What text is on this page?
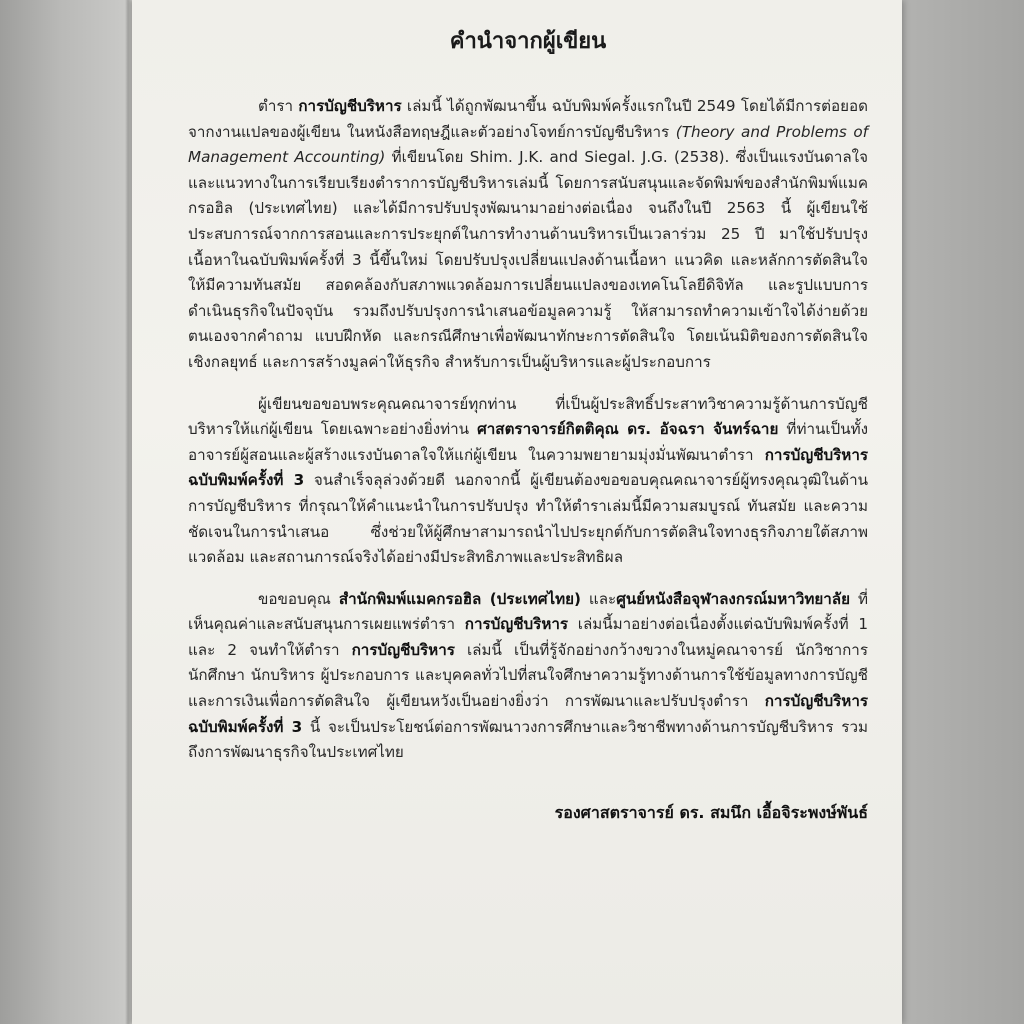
คำนำจากผู้เขียน

ตำรา การบัญชีบริหาร เล่มนี้ ได้ถูกพัฒนาขึ้น ฉบับพิมพ์ครั้งแรกในปี 2549 โดยได้มีการต่อยอดจากงานแปลของผู้เขียน ในหนังสือทฤษฎีและตัวอย่างโจทย์การบัญชีบริหาร (Theory and Problems of Management Accounting) ที่เขียนโดย Shim. J.K. and Siegal. J.G. (2538). ซึ่งเป็นแรงบันดาลใจและแนวทางในการเรียบเรียงตำราการบัญชีบริหารเล่มนี้ โดยการสนับสนุนและจัดพิมพ์ของสำนักพิมพ์แมคกรอฮิล (ประเทศไทย) และได้มีการปรับปรุงพัฒนามาอย่างต่อเนื่อง จนถึงในปี 2563 นี้ ผู้เขียนใช้ประสบการณ์จากการสอนและการประยุกต์ในการทำงานด้านบริหารเป็นเวลาร่วม 25 ปี มาใช้ปรับปรุงเนื้อหาในฉบับพิมพ์ครั้งที่ 3 นี้ขึ้นใหม่ โดยปรับปรุงเปลี่ยนแปลงด้านเนื้อหา แนวคิด และหลักการตัดสินใจให้มีความทันสมัย สอดคล้องกับสภาพแวดล้อมการเปลี่ยนแปลงของเทคโนโลยีดิจิทัล และรูปแบบการดำเนินธุรกิจในปัจจุบัน รวมถึงปรับปรุงการนำเสนอข้อมูลความรู้ ให้สามารถทำความเข้าใจได้ง่ายด้วยตนเองจากคำถาม แบบฝึกหัด และกรณีศึกษาเพื่อพัฒนาทักษะการตัดสินใจ โดยเน้นมิติของการตัดสินใจเชิงกลยุทธ์ และการสร้างมูลค่าให้ธุรกิจ สำหรับการเป็นผู้บริหารและผู้ประกอบการ

ผู้เขียนขอขอบพระคุณคณาจารย์ทุกท่าน ที่เป็นผู้ประสิทธิ์ประสาทวิชาความรู้ด้านการบัญชีบริหารให้แก่ผู้เขียน โดยเฉพาะอย่างยิ่งท่าน ศาสตราจารย์กิตติคุณ ดร. อัจฉรา จันทร์ฉาย ที่ท่านเป็นทั้งอาจารย์ผู้สอนและผู้สร้างแรงบันดาลใจให้แก่ผู้เขียน ในความพยายามมุ่งมั่นพัฒนาตำรา การบัญชีบริหาร ฉบับพิมพ์ครั้งที่ 3 จนสำเร็จลุล่วงด้วยดี นอกจากนี้ ผู้เขียนต้องขอขอบคุณคณาจารย์ผู้ทรงคุณวุฒิในด้านการบัญชีบริหาร ที่กรุณาให้คำแนะนำในการปรับปรุง ทำให้ตำราเล่มนี้มีความสมบูรณ์ ทันสมัย และความชัดเจนในการนำเสนอ ซึ่งช่วยให้ผู้ศึกษาสามารถนำไปประยุกต์กับการตัดสินใจทางธุรกิจภายใต้สภาพแวดล้อม และสถานการณ์จริงได้อย่างมีประสิทธิภาพและประสิทธิผล

ขอขอบคุณ สำนักพิมพ์แมคกรอฮิล (ประเทศไทย) และศูนย์หนังสือจุฬาลงกรณ์มหาวิทยาลัย ที่เห็นคุณค่าและสนับสนุนการเผยแพร่ตำรา การบัญชีบริหาร เล่มนี้มาอย่างต่อเนื่องตั้งแต่ฉบับพิมพ์ครั้งที่ 1 และ 2 จนทำให้ตำรา การบัญชีบริหาร เล่มนี้ เป็นที่รู้จักอย่างกว้างขวางในหมู่คณาจารย์ นักวิชาการ นักศึกษา นักบริหาร ผู้ประกอบการ และบุคคลทั่วไปที่สนใจศึกษาความรู้ทางด้านการใช้ข้อมูลทางการบัญชีและการเงินเพื่อการตัดสินใจ ผู้เขียนหวังเป็นอย่างยิ่งว่า การพัฒนาและปรับปรุงตำรา การบัญชีบริหาร ฉบับพิมพ์ครั้งที่ 3 นี้ จะเป็นประโยชน์ต่อการพัฒนาวงการศึกษาและวิชาชีพทางด้านการบัญชีบริหาร รวมถึงการพัฒนาธุรกิจในประเทศไทย

รองศาสตราจารย์ ดร. สมนึก เอื้อจิระพงษ์พันธ์
